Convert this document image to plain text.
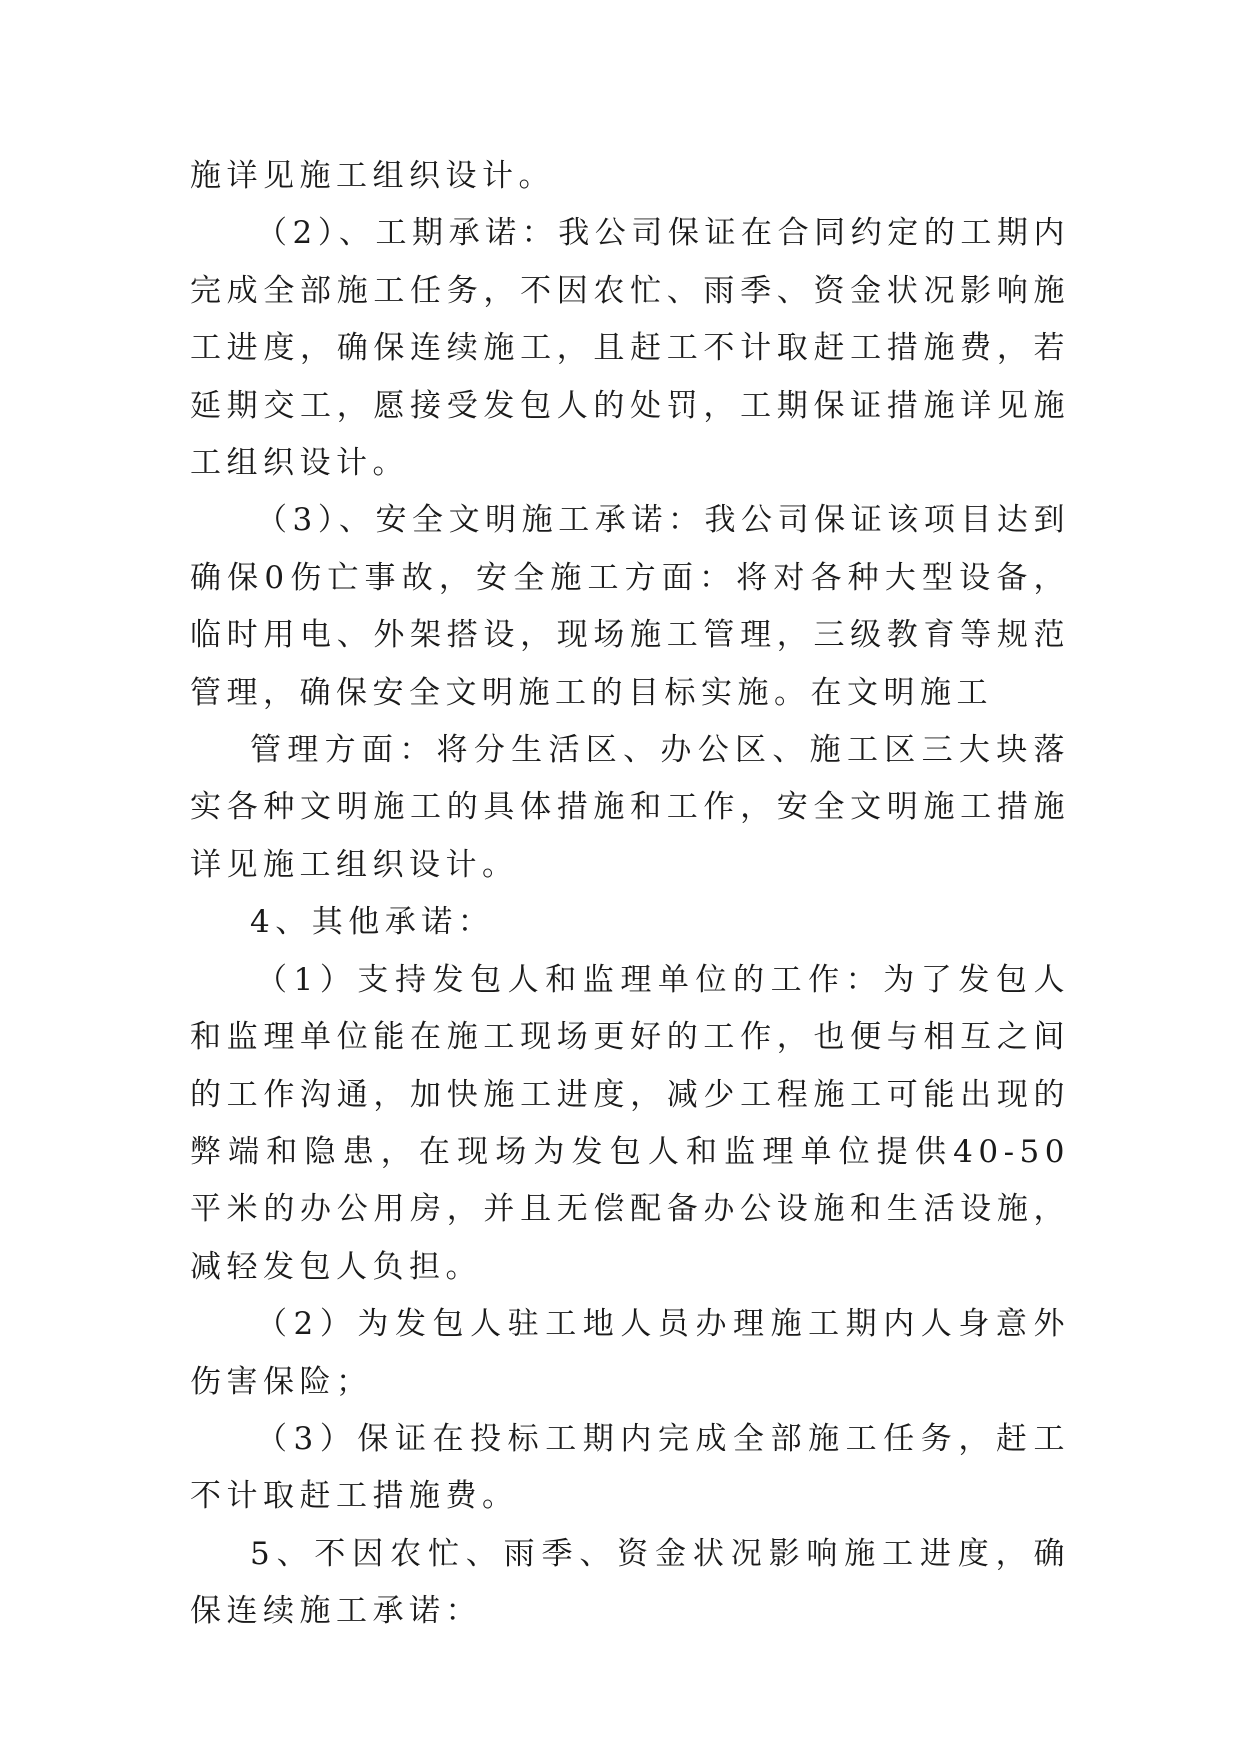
施详见施工组织设计。

（2）、工期承诺：我公司保证在合同约定的工期内完成全部施工任务，不因农忙、雨季、资金状况影响施工进度，确保连续施工，且赶工不计取赶工措施费，若延期交工，愿接受发包人的处罚，工期保证措施详见施工组织设计。

（3）、安全文明施工承诺：我公司保证该项目达到确保0伤亡事故，安全施工方面：将对各种大型设备，临时用电、外架搭设，现场施工管理，三级教育等规范管理，确保安全文明施工的目标实施。在文明施工

管理方面：将分生活区、办公区、施工区三大块落实各种文明施工的具体措施和工作，安全文明施工措施详见施工组织设计。

4、其他承诺：

（1）支持发包人和监理单位的工作：为了发包人和监理单位能在施工现场更好的工作，也便与相互之间的工作沟通，加快施工进度，减少工程施工可能出现的弊端和隐患，在现场为发包人和监理单位提供40-50平米的办公用房，并且无偿配备办公设施和生活设施，减轻发包人负担。

（2）为发包人驻工地人员办理施工期内人身意外伤害保险；

（3）保证在投标工期内完成全部施工任务，赶工不计取赶工措施费。

5、不因农忙、雨季、资金状况影响施工进度，确保连续施工承诺：
